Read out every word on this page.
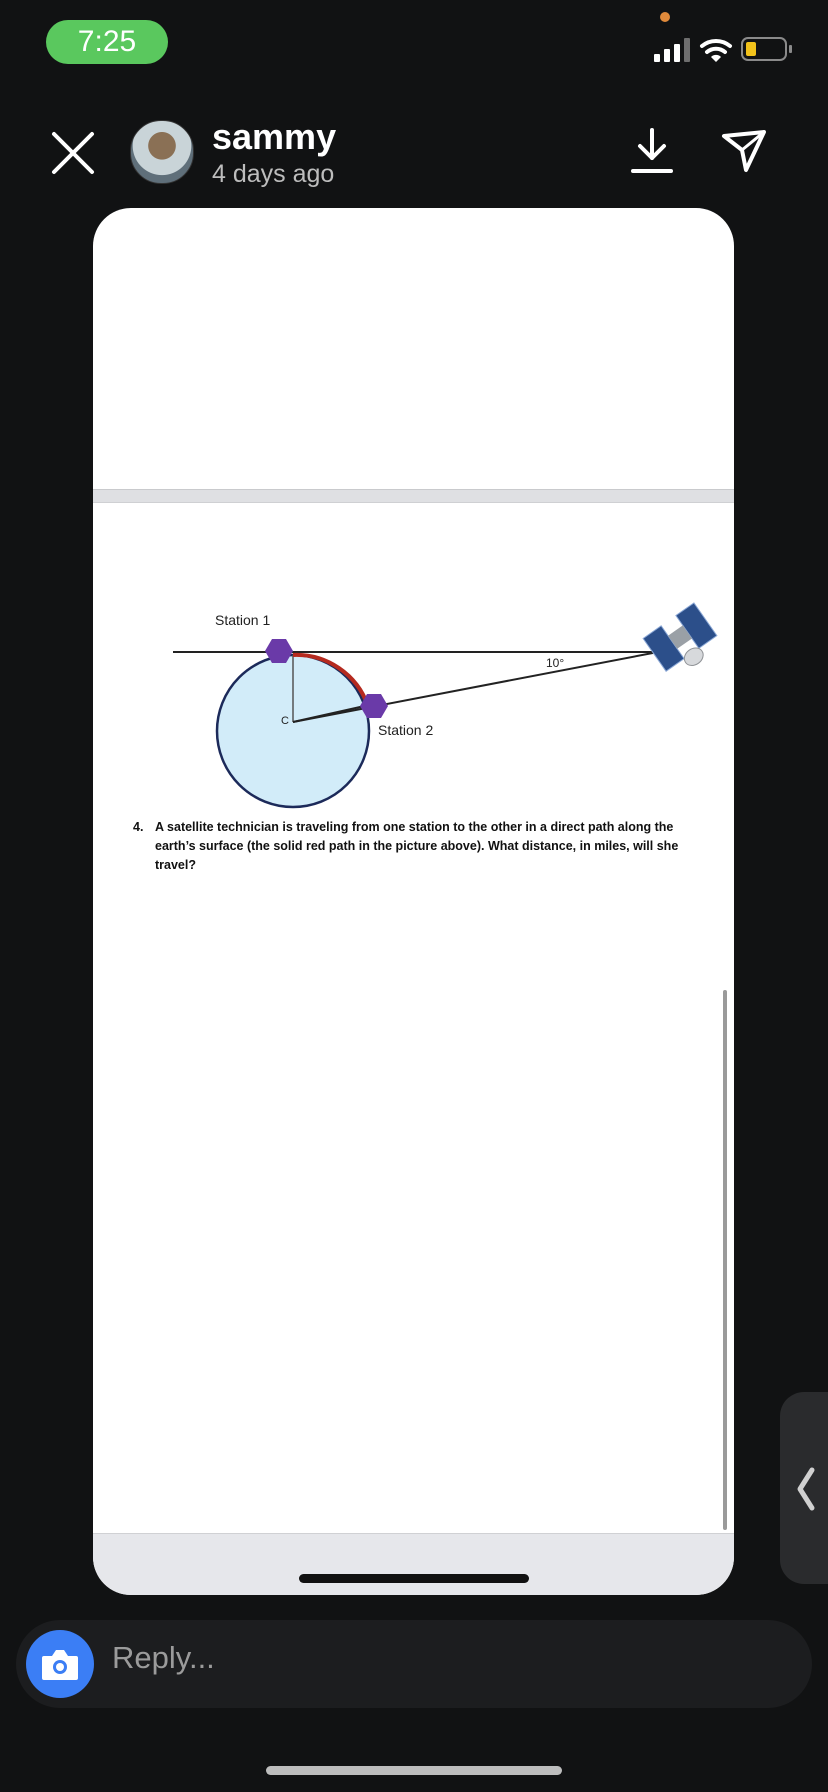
7:25
sammy
4 days ago
Station 1
Station 2
C
10°
4. A satellite technician is traveling from one station to the other in a direct path along the earth’s surface (the solid red path in the picture above). What distance, in miles, will she travel?
Reply...
